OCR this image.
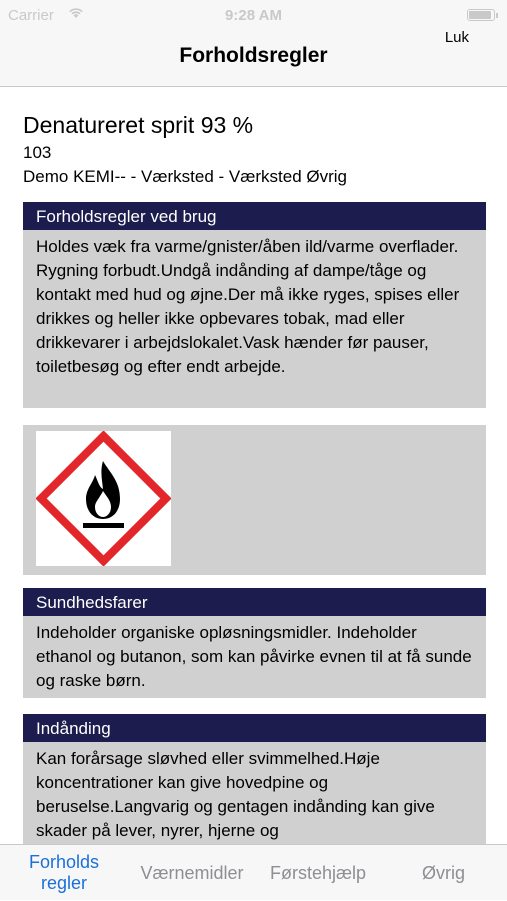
Carrier	9:28 AM
Forholdsregler
Luk
Denatureret sprit 93 %
103
Demo KEMI-- - Værksted - Værksted Øvrig
Forholdsregler ved brug
Holdes væk fra varme/gnister/åben ild/varme overflader. Rygning forbudt.Undgå indånding af dampe/tåge og kontakt med hud og øjne.Der må ikke ryges, spises eller drikkes og heller ikke opbevares tobak, mad eller drikkevarer i arbejdslokalet.Vask hænder før pauser, toiletbesøg og efter endt arbejde.
Sundhedsfarer
Indeholder organiske opløsningsmidler. Indeholder ethanol og butanon, som kan påvirke evnen til at få sunde og raske børn.
Indånding
Kan forårsage sløvhed eller svimmelhed.Høje koncentrationer kan give hovedpine og beruselse.Langvarig og gentagen indånding kan give skader på lever, nyrer, hjerne og
Forholds regler
Værnemidler Førstehjælp	Øvrig
